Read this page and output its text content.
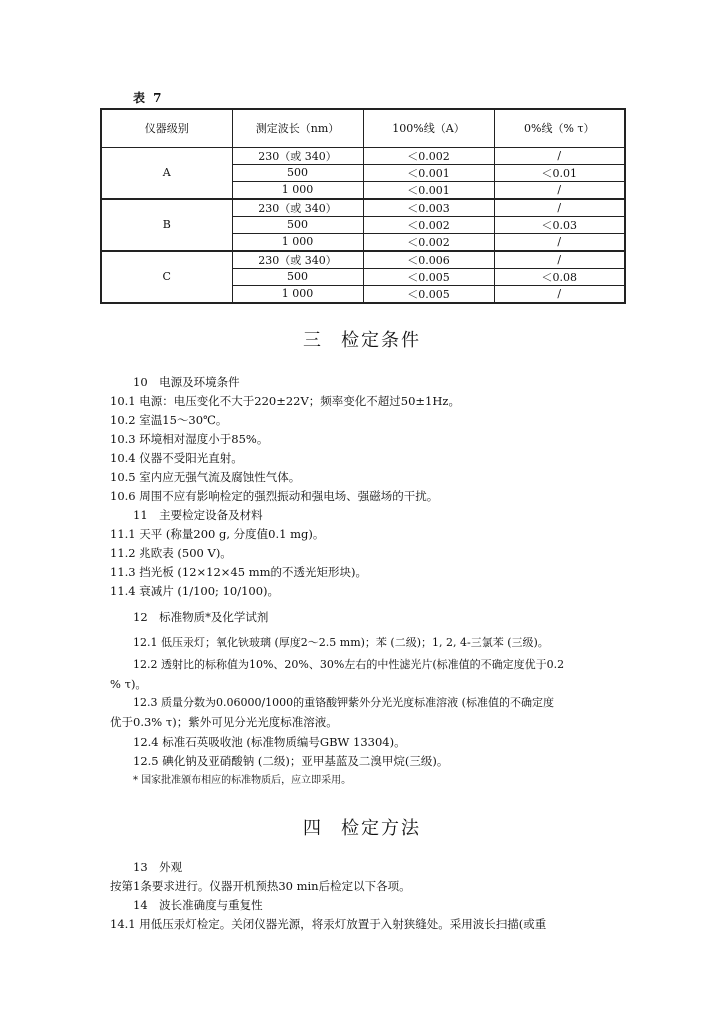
表 7
仪器级别	测定波长（nm）	100%线（A）	0%线（% τ）
A	230（或 340）	＜0.002	/
	500	＜0.001	＜0.01
	1 000	＜0.001	/
B	230（或 340）	＜0.003	/
	500	＜0.002	＜0.03
	1 000	＜0.002	/
C	230（或 340）	＜0.006	/
	500	＜0.005	＜0.08
	1 000	＜0.005	/
三 检定条件
10　电源及环境条件
10.1 电源：电压变化不大于220±22V；频率变化不超过50±1Hz。
10.2 室温15～30℃。
10.3 环境相对湿度小于85%。
10.4 仪器不受阳光直射。
10.5 室内应无强气流及腐蚀性气体。
10.6 周围不应有影响检定的强烈振动和强电场、强磁场的干扰。
11　主要检定设备及材料
11.1 天平 (称量200 g, 分度值0.1 mg)。
11.2 兆欧表 (500 V)。
11.3 挡光板 (12×12×45 mm的不透光矩形块)。
11.4 衰减片 (1/100; 10/100)。
12　标准物质*及化学试剂
12.1 低压汞灯；氧化钬玻璃 (厚度2～2.5 mm)；苯 (二级)；1, 2, 4-三氯苯 (三级)。
12.2 透射比的标称值为10%、20%、30%左右的中性滤光片(标准值的不确定度优于0.2
% τ)。
12.3 质量分数为0.06000/1000的重铬酸钾紫外分光光度标准溶液 (标准值的不确定度
优于0.3% τ)；紫外可见分光光度标准溶液。
12.4 标准石英吸收池 (标准物质编号GBW 13304)。
12.5 碘化钠及亚硝酸钠 (二级)；亚甲基蓝及二溴甲烷(三级)。
* 国家批准颁布相应的标准物质后，应立即采用。
四 检定方法
13　外观
按第1条要求进行。仪器开机预热30 min后检定以下各项。
14　波长准确度与重复性
14.1 用低压汞灯检定。关闭仪器光源，将汞灯放置于入射狭缝处。采用波长扫描(或重
